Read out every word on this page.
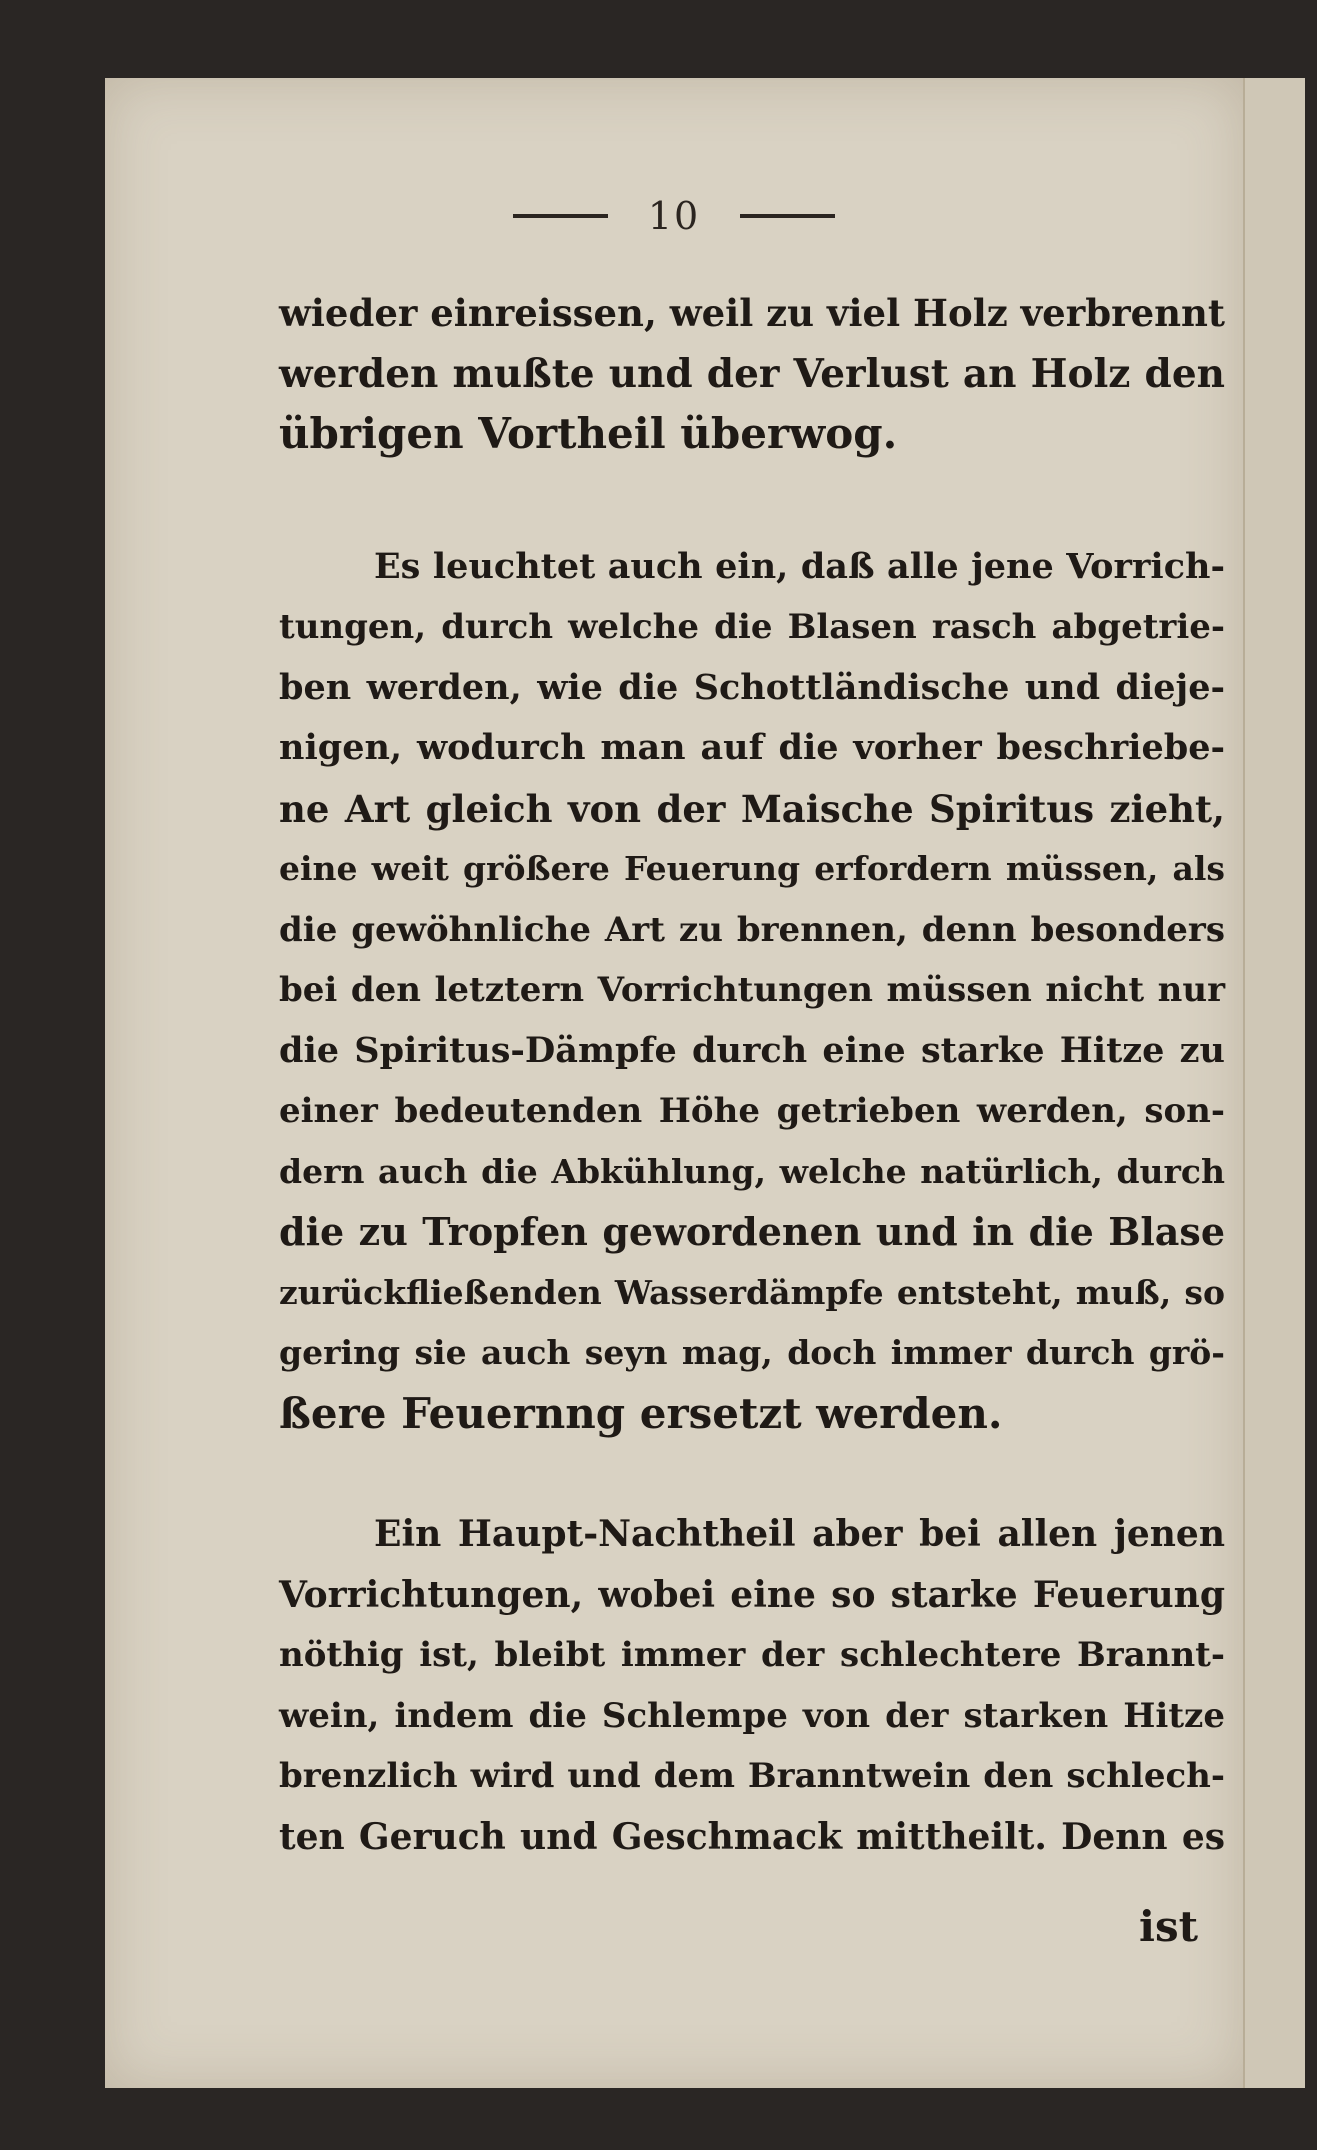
10
wieder einreissen, weil zu viel Holz verbrennt
werden mußte und der Verlust an Holz den
übrigen Vortheil überwog.
Es leuchtet auch ein, daß alle jene Vorrich-
tungen, durch welche die Blasen rasch abgetrie-
ben werden, wie die Schottländische und dieje-
nigen, wodurch man auf die vorher beschriebe-
ne Art gleich von der Maische Spiritus zieht,
eine weit größere Feuerung erfordern müssen, als
die gewöhnliche Art zu brennen, denn besonders
bei den letztern Vorrichtungen müssen nicht nur
die Spiritus-Dämpfe durch eine starke Hitze zu
einer bedeutenden Höhe getrieben werden, son-
dern auch die Abkühlung, welche natürlich, durch
die zu Tropfen gewordenen und in die Blase
zurückfließenden Wasserdämpfe entsteht, muß, so
gering sie auch seyn mag, doch immer durch grö-
ßere Feuernng ersetzt werden.
Ein Haupt-Nachtheil aber bei allen jenen
Vorrichtungen, wobei eine so starke Feuerung
nöthig ist, bleibt immer der schlechtere Brannt-
wein, indem die Schlempe von der starken Hitze
brenzlich wird und dem Branntwein den schlech-
ten Geruch und Geschmack mittheilt. Denn es
ist
